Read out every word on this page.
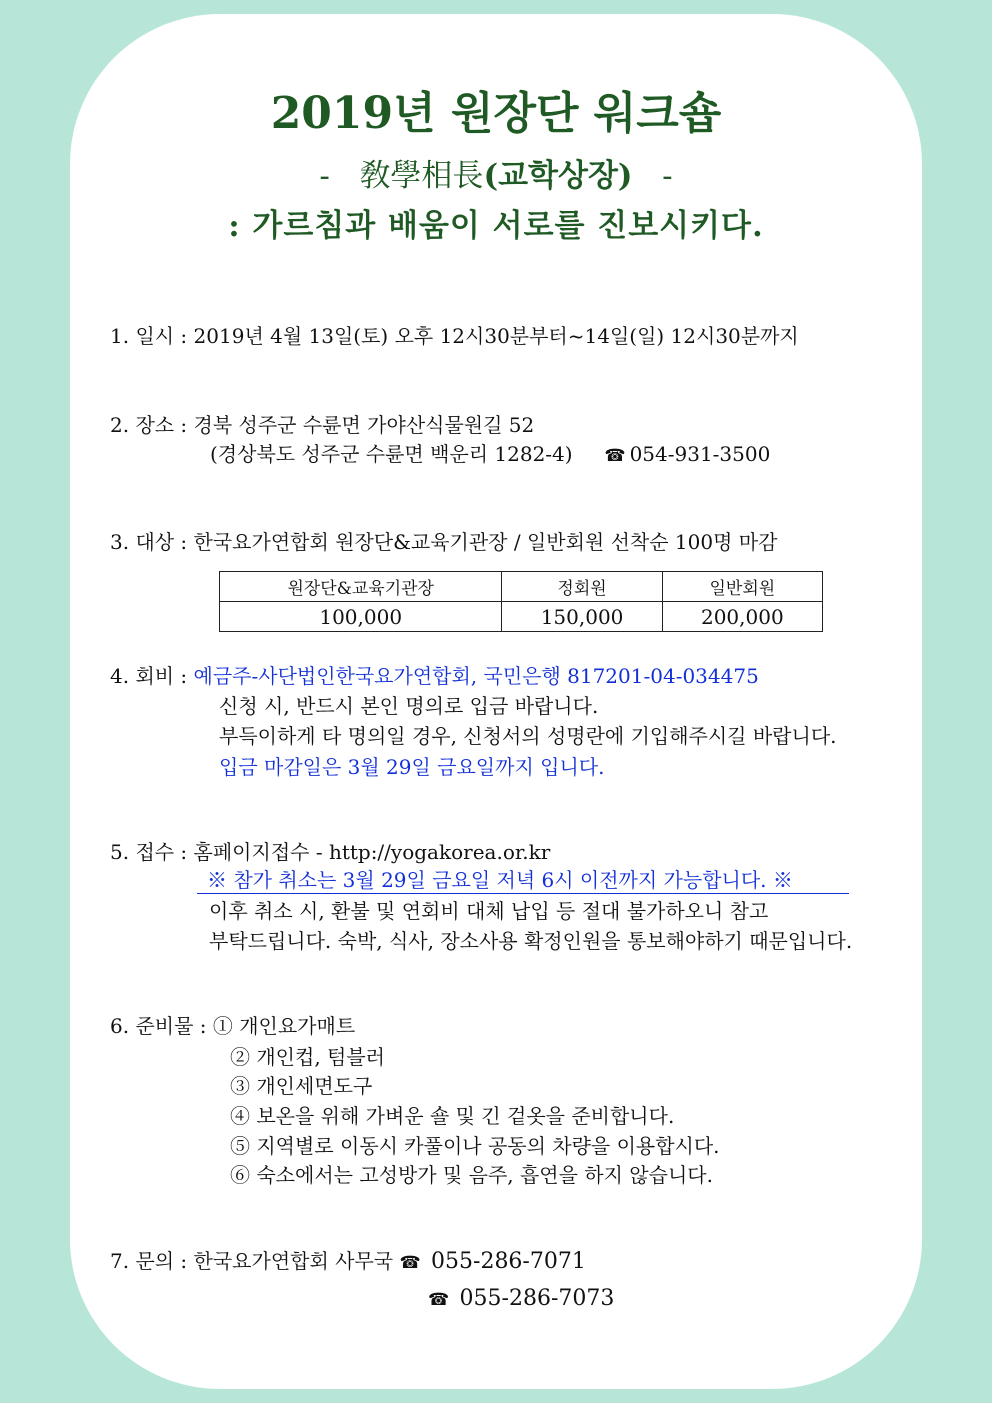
2019년 원장단 워크숍
- 敎學相長(교학상장) -
: 가르침과 배움이 서로를 진보시키다.
1. 일시 : 2019년 4월 13일(토) 오후 12시30분부터~14일(일) 12시30분까지
2. 장소 : 경북 성주군 수륜면 가야산식물원길 52
(경상북도 성주군 수륜면 백운리 1282-4) ☎ 054-931-3500
3. 대상 : 한국요가연합회 원장단&교육기관장 / 일반회원 선착순 100명 마감
원장단&교육기관장	정회원	일반회원
100,000	150,000	200,000
4. 회비 : 예금주-사단법인한국요가연합회, 국민은행 817201-04-034475
신청 시, 반드시 본인 명의로 입금 바랍니다.
부득이하게 타 명의일 경우, 신청서의 성명란에 기입해주시길 바랍니다.
입금 마감일은 3월 29일 금요일까지 입니다.
5. 접수 : 홈페이지접수 - http://yogakorea.or.kr
※ 참가 취소는 3월 29일 금요일 저녁 6시 이전까지 가능합니다. ※
이후 취소 시, 환불 및 연회비 대체 납입 등 절대 불가하오니 참고
부탁드립니다. 숙박, 식사, 장소사용 확정인원을 통보해야하기 때문입니다.
6. 준비물 : ① 개인요가매트
② 개인컵, 텀블러
③ 개인세면도구
④ 보온을 위해 가벼운 숄 및 긴 겉옷을 준비합니다.
⑤ 지역별로 이동시 카풀이나 공동의 차량을 이용합시다.
⑥ 숙소에서는 고성방가 및 음주, 흡연을 하지 않습니다.
7. 문의 : 한국요가연합회 사무국 ☎ 055-286-7071
☎ 055-286-7073
